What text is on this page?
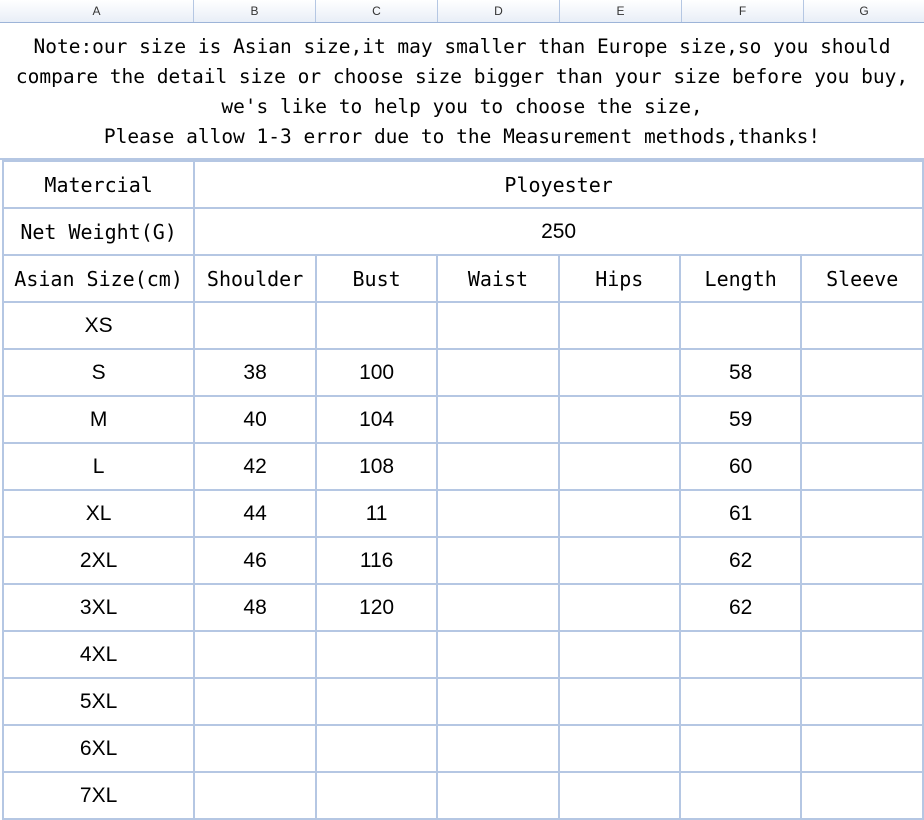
A	B	C	D	E	F	G
Note:our size is Asian size,it may smaller than Europe size,so you should
compare the detail size or choose size bigger than your size before you buy,
we's like to help you to choose the size,
Please allow 1-3 error due to the Measurement methods,thanks!
Matercial	Ployester					
Net Weight(G)	250					
Asian Size(cm)	Shoulder	Bust	Waist	Hips	Length	Sleeve
XS						
S	38	100			58	
M	40	104			59	
L	42	108			60	
XL	44	11			61	
2XL	46	116			62	
3XL	48	120			62	
4XL						
5XL						
6XL						
7XL						
